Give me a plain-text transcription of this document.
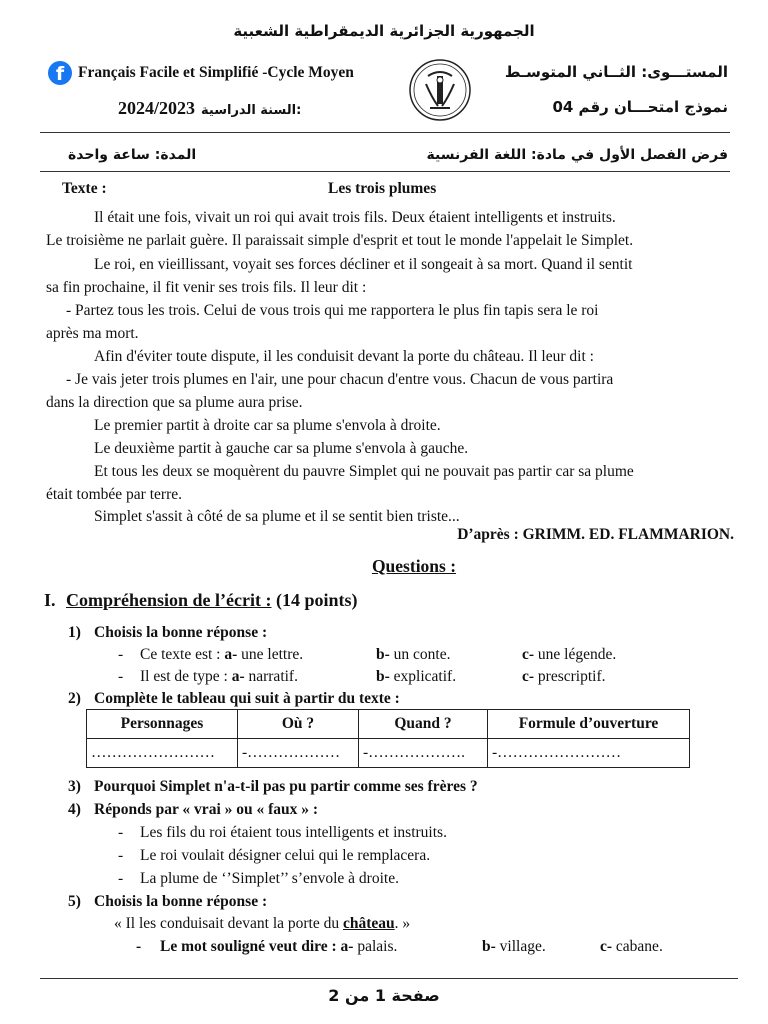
الجمهورية الجزائرية الديمقراطية الشعبية
f Français Facile et Simplifié -Cycle Moyen	المستـــوى: الثــاني المتوسـط
نموذج امتحـــان رقم 04
2024/2023 السنة الدراسية:
فرض الفصل الأول في مادة: اللغة الفرنسية
المدة: ساعة واحدة
Texte :	Les trois plumes
Il était une fois, vivait un roi qui avait trois fils. Deux étaient intelligents et instruits.
Le troisième ne parlait guère. Il paraissait simple d'esprit et tout le monde l'appelait le Simplet.
Le roi, en vieillissant, voyait ses forces décliner et il songeait à sa mort. Quand il sentit
sa fin prochaine, il fit venir ses trois fils. Il leur dit :
- Partez tous les trois. Celui de vous trois qui me rapportera le plus fin tapis sera le roi
après ma mort.
Afin d'éviter toute dispute, il les conduisit devant la porte du château. Il leur dit :
- Je vais jeter trois plumes en l'air, une pour chacun d'entre vous. Chacun de vous partira
dans la direction que sa plume aura prise.
Le premier partit à droite car sa plume s'envola à droite.
Le deuxième partit à gauche car sa plume s'envola à gauche.
Et tous les deux se moquèrent du pauvre Simplet qui ne pouvait pas partir car sa plume
était tombée par terre.
Simplet s'assit à côté de sa plume et il se sentit bien triste...
D’après : GRIMM. ED. FLAMMARION.
Questions :
I. Compréhension de l’écrit : (14 points)
1) Choisis la bonne réponse :
- Ce texte est : a- une lettre.	b- un conte.	c- une légende.
- Il est de type : a- narratif.	b- explicatif.	c- prescriptif.
2) Complète le tableau qui suit à partir du texte :
Personnages	Où ?	Quand ?	Formule d’ouverture
……………………	-………………	-……………….	-……………………
3) Pourquoi Simplet n'a-t-il pas pu partir comme ses frères ?
4) Réponds par « vrai » ou « faux » :
- Les fils du roi étaient tous intelligents et instruits.
- Le roi voulait désigner celui qui le remplacera.
- La plume de ‘’Simplet’’ s’envole à droite.
5) Choisis la bonne réponse :
« Il les conduisait devant la porte du château. »
- Le mot souligné veut dire : a- palais.	b- village.	c- cabane.
صفحة 1 من 2
